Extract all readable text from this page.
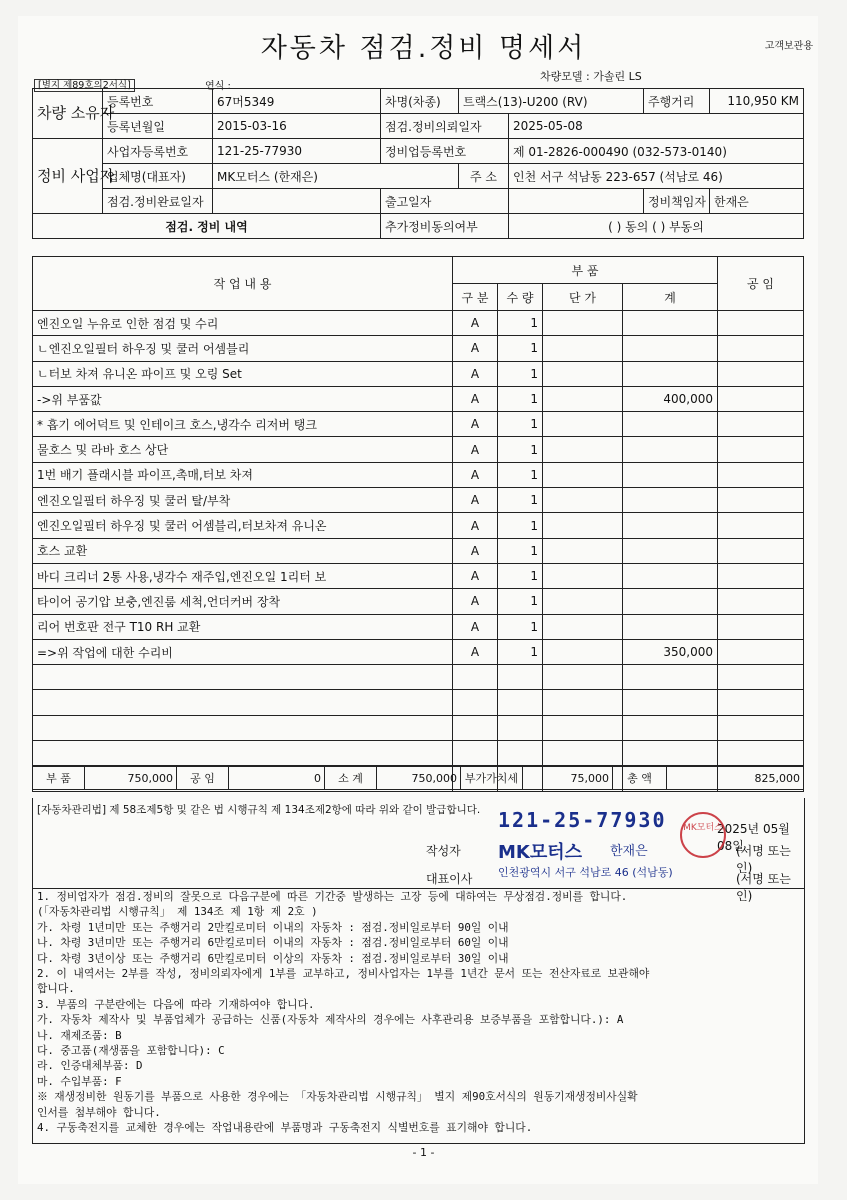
자동차 점검.정비 명세서	고객보관용
[별지 제89호의2서식]	연식 :
차량모델 : 가솔린 LS
차량 소유자	등록번호	67머5349	차명(차종)	트랙스(13)-U200 (RV)		주행거리	110,950 KM
	등록년월일	2015-03-16	점검.정비의뢰일자		2025-05-08		
정비 사업자	사업자등록번호	121-25-77930	정비업등록번호		제 01-2826-000490 (032-573-0140)		
	업체명(대표자)	MK모터스 (한재은)		주 소	인천 서구 석남동 223-657 (석남로 46)		
	점검.정비완료일자		출고일자			정비책임자	한재은
점검. 정비 내역			추가정비동의여부		( ) 동의 ( ) 부동의		
작 업 내 용	부 품				공 임
	구 분	수 량	단 가	계	
엔진오일 누유로 인한 점검 및 수리	A	1			
ㄴ엔진오일필터 하우징 및 쿨러 어셈블리	A	1			
ㄴ터보 차져 유니온 파이프 및 오링 Set	A	1			
->위 부품값	A	1		400,000	
* 흡기 에어덕트 및 인테이크 호스,냉각수 리저버 탱크	A	1			
물호스 및 라바 호스 상단	A	1			
1번 배기 플래시블 파이프,촉매,터보 차져	A	1			
엔진오일필터 하우징 및 쿨러 탈/부착	A	1			
엔진오일필터 하우징 및 쿨러 어셈블리,터보차져 유니온	A	1			
호스 교환	A	1			
바디 크리너 2통 사용,냉각수 재주입,엔진오일 1리터 보	A	1			
타이어 공기압 보충,엔진룸 세척,언더커버 장착	A	1			
리어 번호판 전구 T10 RH 교환	A	1			
=>위 작업에 대한 수리비	A	1		350,000	

부 품	750,000	공 임	0	소 계	750,000	부가가치세	75,000	총 액	825,000
[자동차관리법] 제 58조제5항 및 같은 법 시행규칙 제 134조제2항에 따라 위와 같이 발급합니다.
2025년 05월 08일
작성자	(서명 또는 인)
대표이사	(서명 또는 인)
121-25-77930
MK모터스 한재은
인천광역시 서구 석남로 46 (석남동)
MK모터스
1. 정비업자가 점검.정비의 잘못으로 다음구분에 따른 기간중 발생하는 고장 등에 대하여는 무상점검.정비를 합니다.
(「자동차관리법 시행규칙」 제 134조 제 1항 제 2호 )
가. 차령 1년미만 또는 주행거리 2만킬로미터 이내의 자동차 : 점검.정비일로부터 90일 이내
나. 차령 3년미만 또는 주행거리 6만킬로미터 이내의 자동차 : 점검.정비일로부터 60일 이내
다. 차령 3년이상 또는 주행거리 6만킬로미터 이상의 자동차 : 점검.정비일로부터 30일 이내
2. 이 내역서는 2부를 작성, 정비의뢰자에게 1부를 교부하고, 정비사업자는 1부를 1년간 문서 또는 전산자료로 보관해야
합니다.
3. 부품의 구분란에는 다음에 따라 기재하여야 합니다.
가. 자동차 제작사 및 부품업체가 공급하는 신품(자동차 제작사의 경우에는 사후관리용 보증부품을 포함합니다.): A
나. 재제조품: B
다. 중고품(재생품을 포함합니다): C
라. 인증대체부품: D
마. 수입부품: F
※ 재생정비한 원동기를 부품으로 사용한 경우에는 「자동차관리법 시행규칙」 별지 제90호서식의 원동기재생정비사실확
인서를 첨부해야 합니다.
4. 구동축전지를 교체한 경우에는 작업내용란에 부품명과 구동축전지 식별번호를 표기해야 합니다.
- 1 -
